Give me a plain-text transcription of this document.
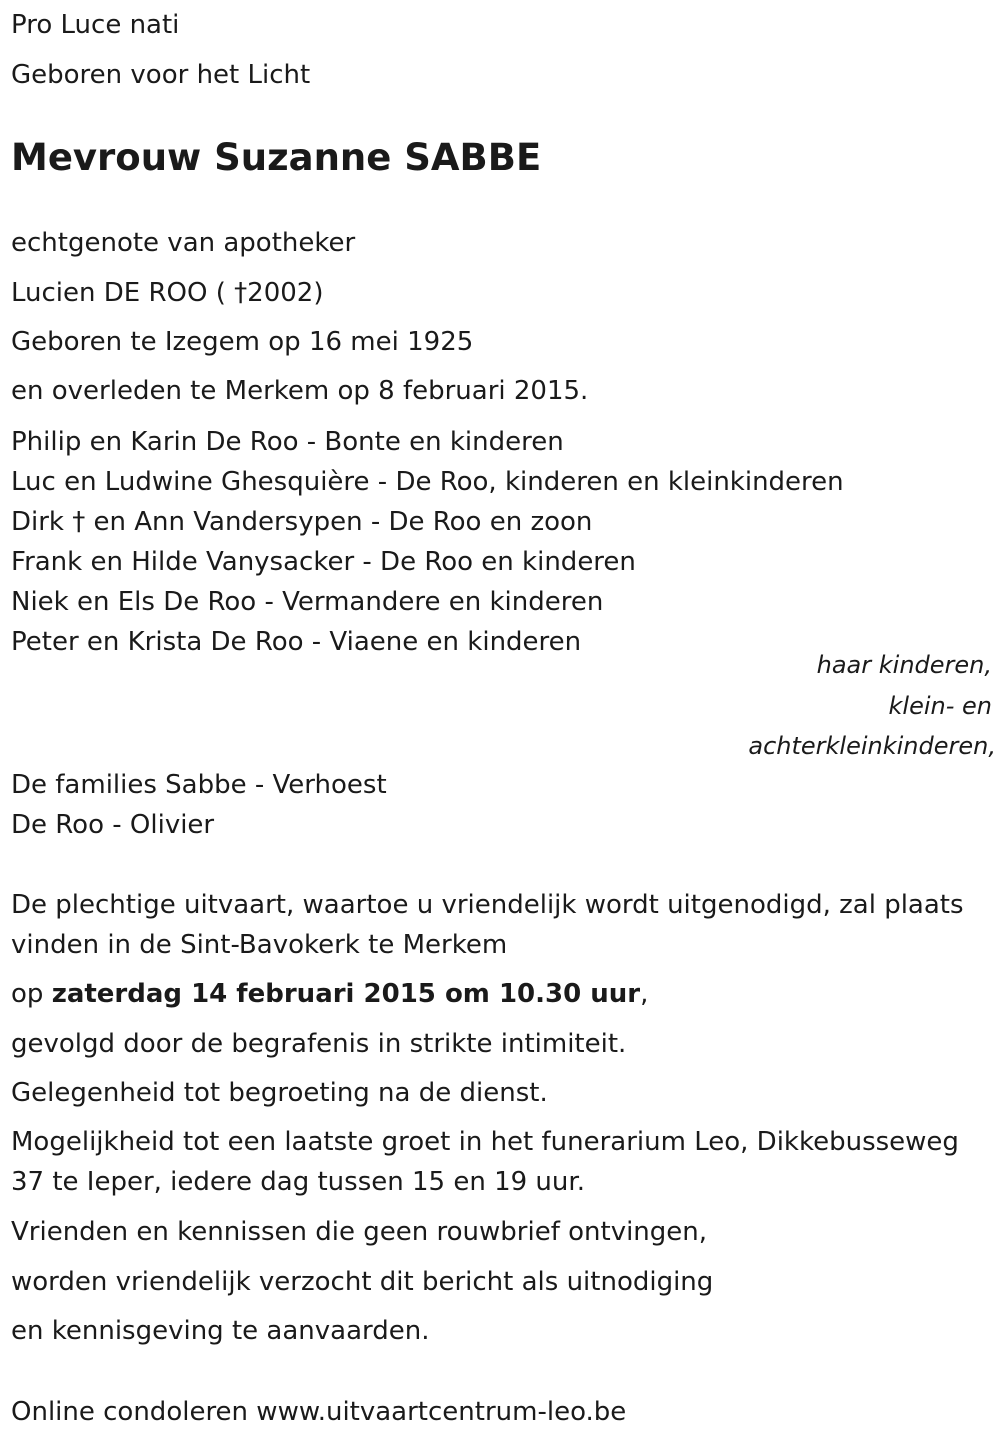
Pro Luce nati
Geboren voor het Licht
Mevrouw Suzanne SABBE
echtgenote van apotheker
Lucien DE ROO ( †2002)
Geboren te Izegem op 16 mei 1925
en overleden te Merkem op 8 februari 2015.
Philip en Karin De Roo - Bonte en kinderen
Luc en Ludwine Ghesquière - De Roo, kinderen en kleinkinderen
Dirk † en Ann Vandersypen - De Roo en zoon
Frank en Hilde Vanysacker - De Roo en kinderen
Niek en Els De Roo - Vermandere en kinderen
Peter en Krista De Roo - Viaene en kinderen
haar kinderen,
klein- en
achterkleinkinderen,
De families Sabbe - Verhoest
De Roo - Olivier
De plechtige uitvaart, waartoe u vriendelijk wordt uitgenodigd, zal plaats
vinden in de Sint-Bavokerk te Merkem
op zaterdag 14 februari 2015 om 10.30 uur,
gevolgd door de begrafenis in strikte intimiteit.
Gelegenheid tot begroeting na de dienst.
Mogelijkheid tot een laatste groet in het funerarium Leo, Dikkebusseweg
37 te Ieper, iedere dag tussen 15 en 19 uur.
Vrienden en kennissen die geen rouwbrief ontvingen,
worden vriendelijk verzocht dit bericht als uitnodiging
en kennisgeving te aanvaarden.
Online condoleren www.uitvaartcentrum-leo.be
